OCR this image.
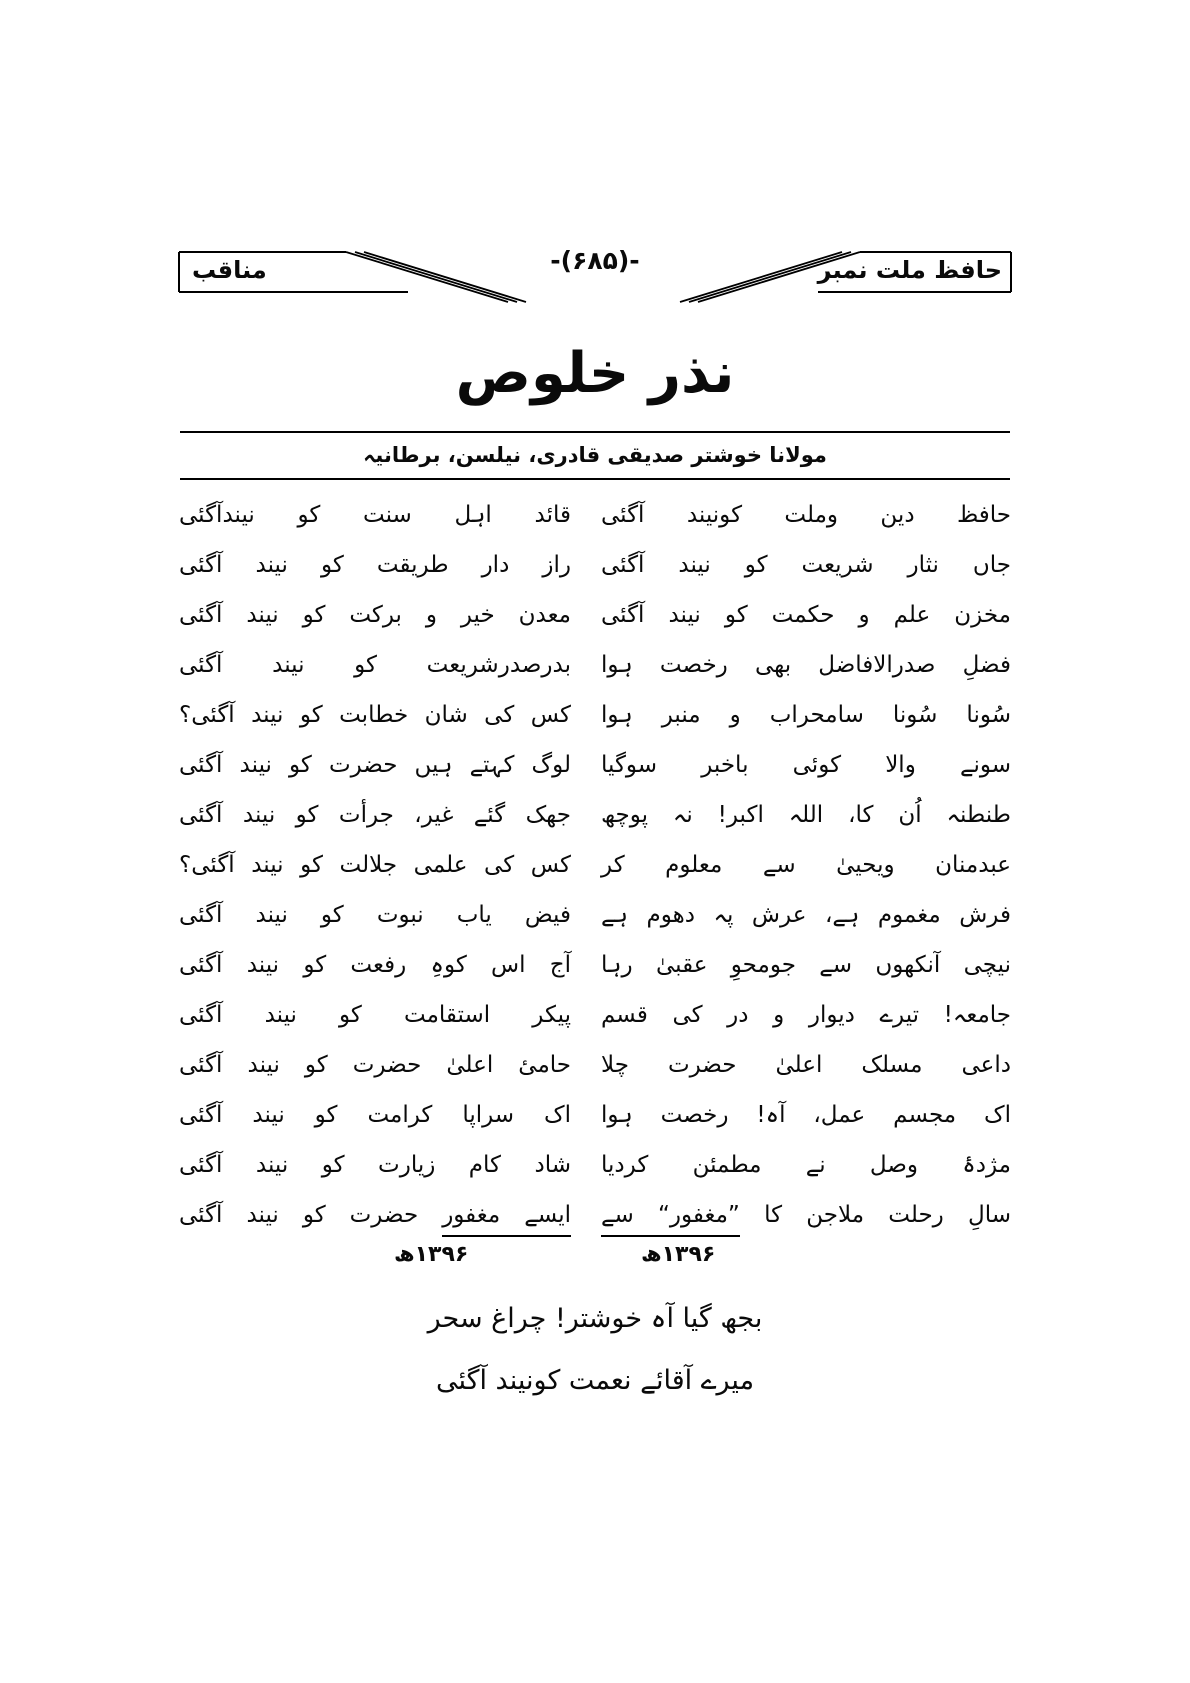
مناقب	-(۶۸۵)-	حافظ ملت نمبر
نذر خلوص
مولانا خوشتر صدیقی قادری، نیلسن، برطانیہ
حافظ دین وملت کونیند آگئی
قائد اہل سنت کو نیندآگئی
جاں نثار شریعت کو نیند آگئی
راز دار طریقت کو نیند آگئی
مخزن علم و حکمت کو نیند آگئی
معدن خیر و برکت کو نیند آگئی
فضلِ صدرالافاضل بھی رخصت ہوا
بدرصدرشریعت کو نیند آگئی
سُونا سُونا سامحراب و منبر ہوا
کس کی شان خطابت کو نیند آگئی؟
سونے والا کوئی باخبر سوگیا
لوگ کہتے ہیں حضرت کو نیند آگئی
طنطنہ اُن کا، اللہ اکبر! نہ پوچھ
جھک گئے غیر، جرأت کو نیند آگئی
عبدمنان ویحییٰ سے معلوم کر
کس کی علمی جلالت کو نیند آگئی؟
فرش مغموم ہے، عرش پہ دھوم ہے
فیض یاب نبوت کو نیند آگئی
نیچی آنکھوں سے جومحوِ عقبیٰ رہا
آج اس کوہِ رفعت کو نیند آگئی
جامعہ! تیرے دیوار و در کی قسم
پیکر استقامت کو نیند آگئی
داعی مسلک اعلیٰ حضرت چلا
حامیٔ اعلیٰ حضرت کو نیند آگئی
اک مجسم عمل، آہ! رخصت ہوا
اک سراپا کرامت کو نیند آگئی
مژدۂ وصل نے مطمئن کردیا
شاد کام زیارت کو نیند آگئی
سالِ رحلت ملاجن کا ”مغفور“ سے
ایسے مغفور حضرت کو نیند آگئی
۱۳۹۶ھ
۱۳۹۶ھ
بجھ گیا آہ خوشتر! چراغ سحر
میرے آقائے نعمت کونیند آگئی
